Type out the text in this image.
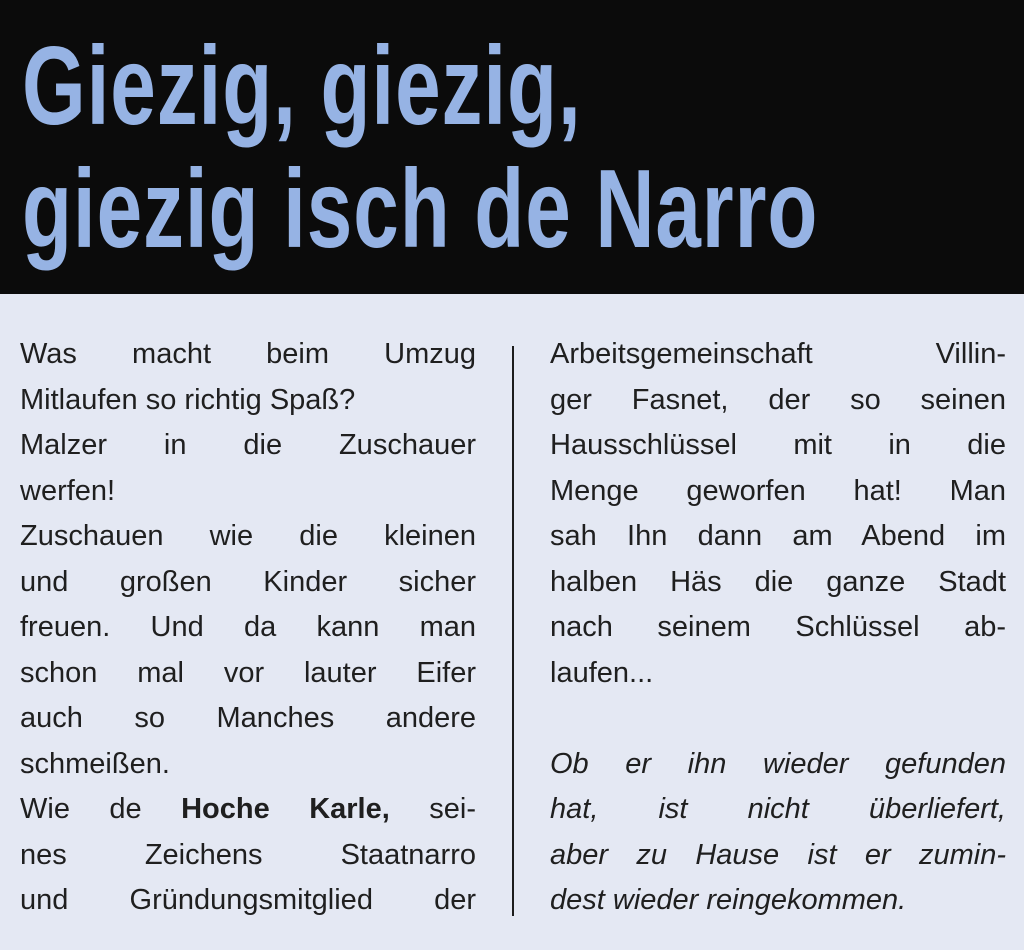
Giezig, giezig,
giezig isch de Narro

Was macht beim Umzug

Mitlaufen so richtig Spaß?

Malzer in die Zuschauer

werfen!

Zuschauen wie die kleinen

und großen Kinder sicher

freuen. Und da kann man

schon mal vor lauter Eifer

auch so Manches andere

schmeißen.

Wie de Hoche Karle, sei-

nes Zeichens Staatnarro

und Gründungsmitglied der

Arbeitsgemeinschaft Villin-

ger Fasnet, der so seinen

Hausschlüssel mit in die

Menge geworfen hat! Man

sah Ihn dann am Abend im

halben Häs die ganze Stadt

nach seinem Schlüssel ab-

laufen...

Ob er ihn wieder gefunden

hat, ist nicht überliefert,

aber zu Hause ist er zumin-

dest wieder reingekommen.
